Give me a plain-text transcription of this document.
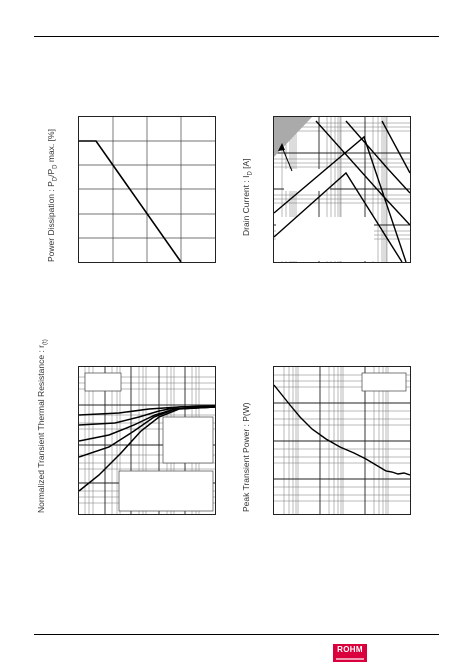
Power Dissipation : $P_D/P_D$ max. [%]
Drain Current : $I_D$ [A]
Normalized Transient Thermal Resistance : $r_{(t)}$
Peak Transient Power : P(W)
ROHM
